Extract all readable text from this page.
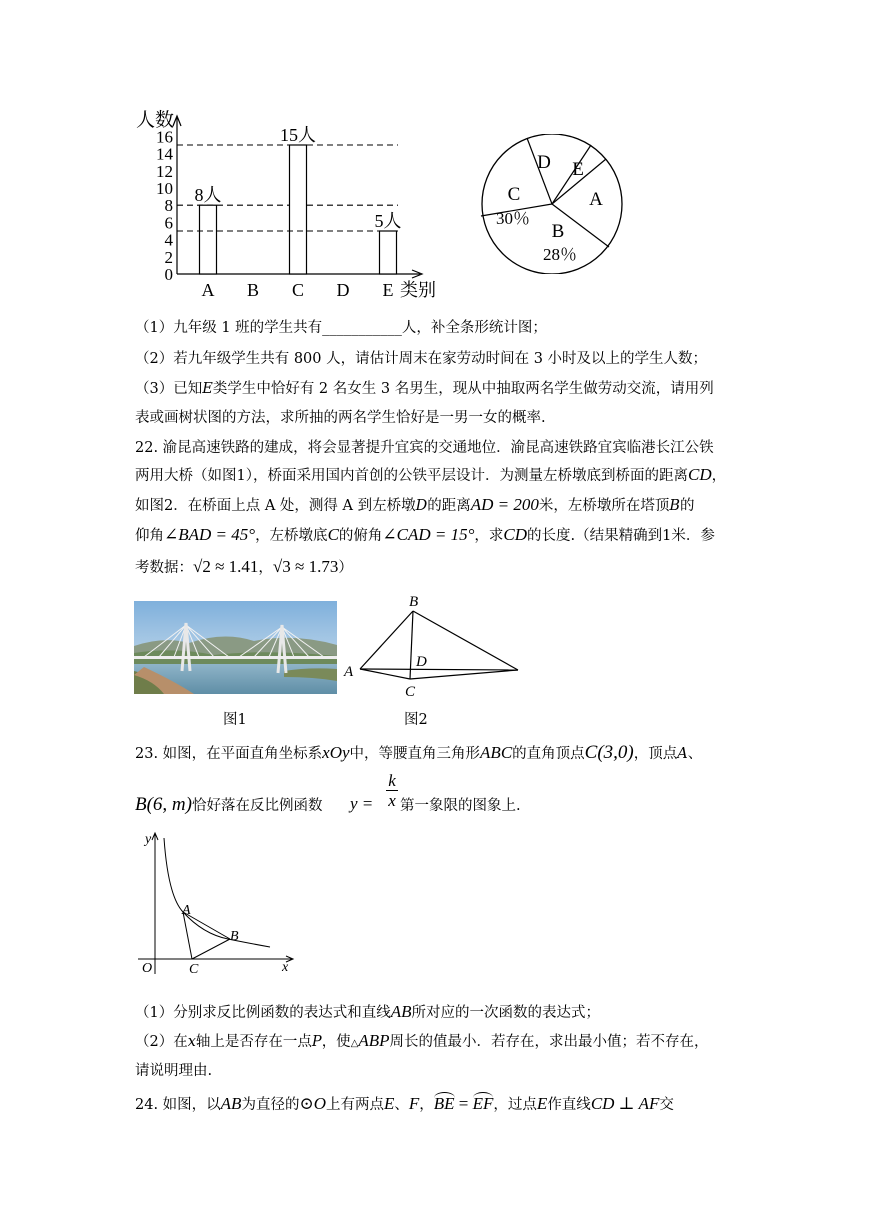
人数
类别
0
2
4
6
8
10
12
14
16
A B C D E
8人
15人
5人
D E
A
C
30％
B
28％
（1）九年级 1 班的学生共有___________人，补全条形统计图；
（2）若九年级学生共有 800 人，请估计周末在家劳动时间在 3 小时及以上的学生人数；
（3）已知E类学生中恰好有 2 名女生 3 名男生，现从中抽取两名学生做劳动交流，请用列
表或画树状图的方法，求所抽的两名学生恰好是一男一女的概率.
22. 渝昆高速铁路的建成，将会显著提升宜宾的交通地位．渝昆高速铁路宜宾临港长江公铁
两用大桥（如图1），桥面采用国内首创的公铁平层设计．为测量左桥墩底到桥面的距离CD，
如图2．在桥面上点 A 处，测得 A 到左桥墩D的距离AD = 200米，左桥墩所在塔顶B的
仰角∠BAD = 45°，左桥墩底C的俯角∠CAD = 15°，求CD的长度.（结果精确到1米．参
考数据：√2 ≈ 1.41，√3 ≈ 1.73）
图1
B
A
D
C
图2
23. 如图，在平面直角坐标系xOy中，等腰直角三角形ABC的直角顶点C(3,0)，顶点A、
B(6, m)恰好落在反比例函数 y =
k
x 第一象限的图象上.
y
x
O
A
B
C
（1）分别求反比例函数的表达式和直线AB所对应的一次函数的表达式；
（2）在x轴上是否存在一点P，使△ABP周长的值最小．若存在，求出最小值；若不存在，
请说明理由.
24. 如图，以AB为直径的⊙O上有两点E、F，BE = EF，过点E作直线CD ⊥ AF交
